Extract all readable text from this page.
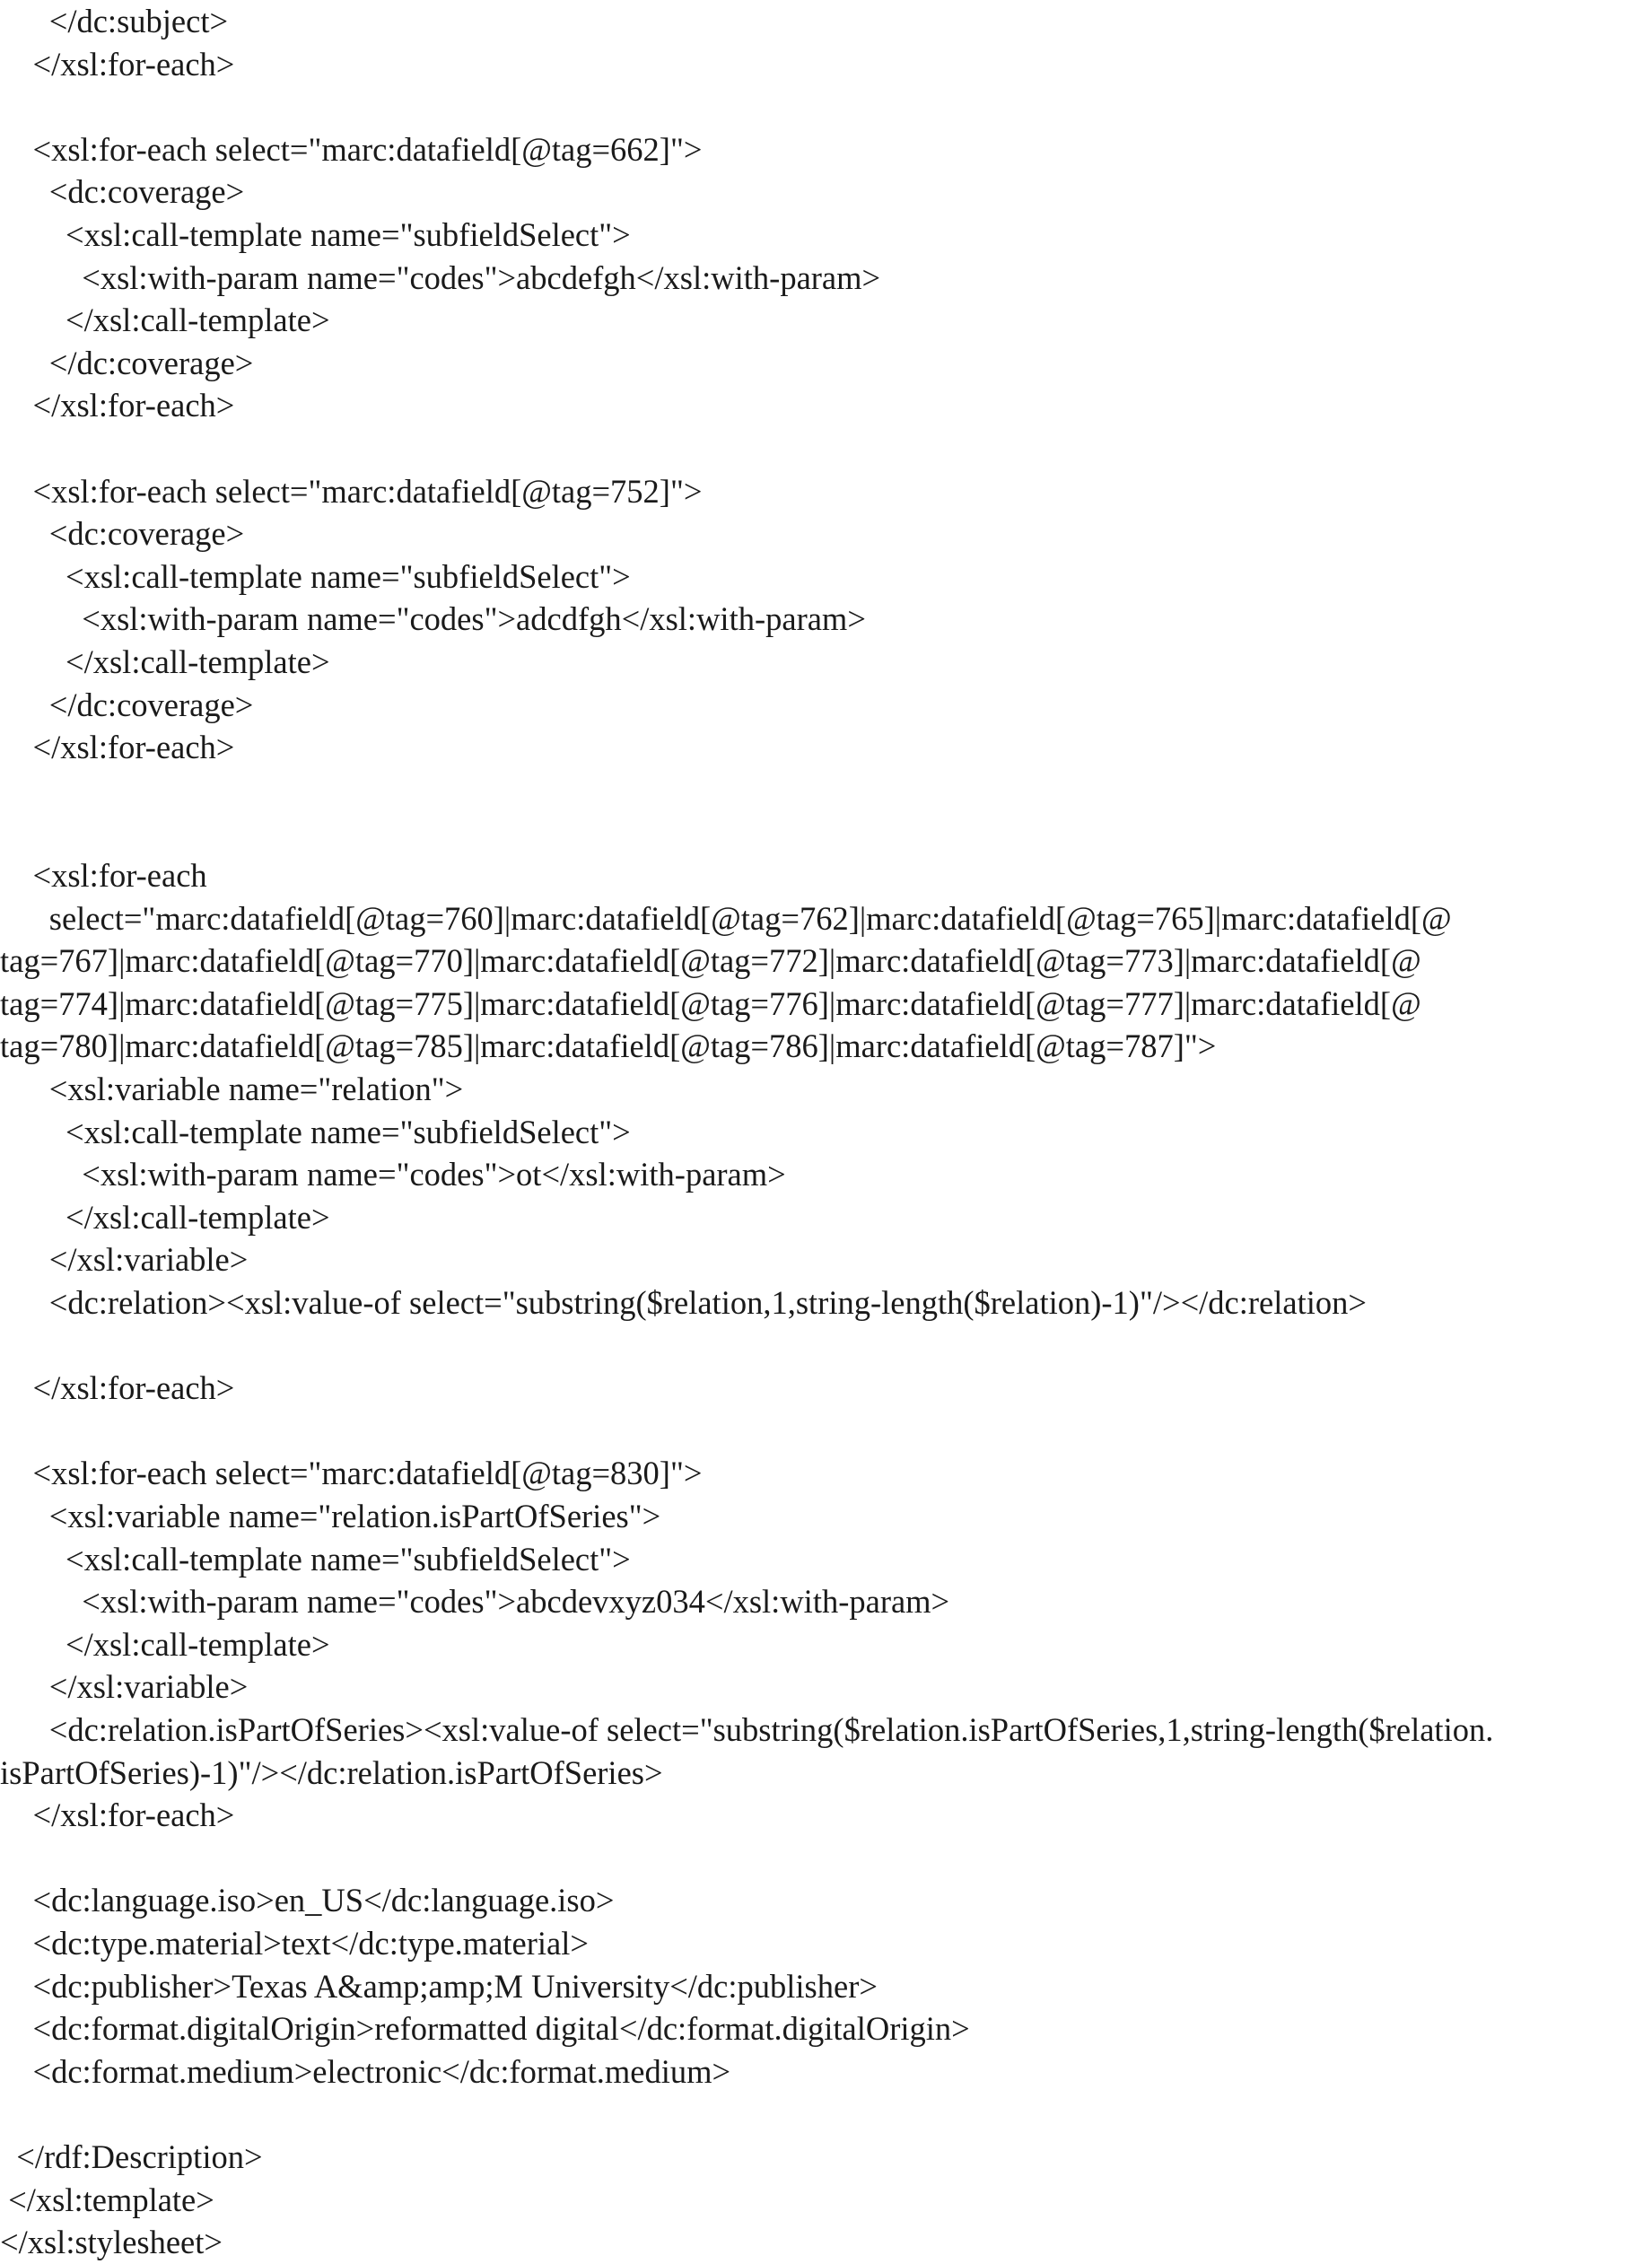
</dc:subject>
</xsl:for-each>
<xsl:for-each select="marc:datafield[@tag=662]">
<dc:coverage>
<xsl:call-template name="subfieldSelect">
<xsl:with-param name="codes">abcdefgh</xsl:with-param>
</xsl:call-template>
</dc:coverage>
</xsl:for-each>
<xsl:for-each select="marc:datafield[@tag=752]">
<dc:coverage>
<xsl:call-template name="subfieldSelect">
<xsl:with-param name="codes">adcdfgh</xsl:with-param>
</xsl:call-template>
</dc:coverage>
</xsl:for-each>
<xsl:for-each
select="marc:datafield[@tag=760]|marc:datafield[@tag=762]|marc:datafield[@tag=765]|marc:datafield[@
tag=767]|marc:datafield[@tag=770]|marc:datafield[@tag=772]|marc:datafield[@tag=773]|marc:datafield[@
tag=774]|marc:datafield[@tag=775]|marc:datafield[@tag=776]|marc:datafield[@tag=777]|marc:datafield[@
tag=780]|marc:datafield[@tag=785]|marc:datafield[@tag=786]|marc:datafield[@tag=787]">
<xsl:variable name="relation">
<xsl:call-template name="subfieldSelect">
<xsl:with-param name="codes">ot</xsl:with-param>
</xsl:call-template>
</xsl:variable>
<dc:relation><xsl:value-of select="substring($relation,1,string-length($relation)-1)"/></dc:relation>
</xsl:for-each>
<xsl:for-each select="marc:datafield[@tag=830]">
<xsl:variable name="relation.isPartOfSeries">
<xsl:call-template name="subfieldSelect">
<xsl:with-param name="codes">abcdevxyz034</xsl:with-param>
</xsl:call-template>
</xsl:variable>
<dc:relation.isPartOfSeries><xsl:value-of select="substring($relation.isPartOfSeries,1,string-length($relation.
isPartOfSeries)-1)"/></dc:relation.isPartOfSeries>
</xsl:for-each>
<dc:language.iso>en_US</dc:language.iso>
<dc:type.material>text</dc:type.material>
<dc:publisher>Texas A&amp;amp;M University</dc:publisher>
<dc:format.digitalOrigin>reformatted digital</dc:format.digitalOrigin>
<dc:format.medium>electronic</dc:format.medium>
</rdf:Description>
</xsl:template>
</xsl:stylesheet>
